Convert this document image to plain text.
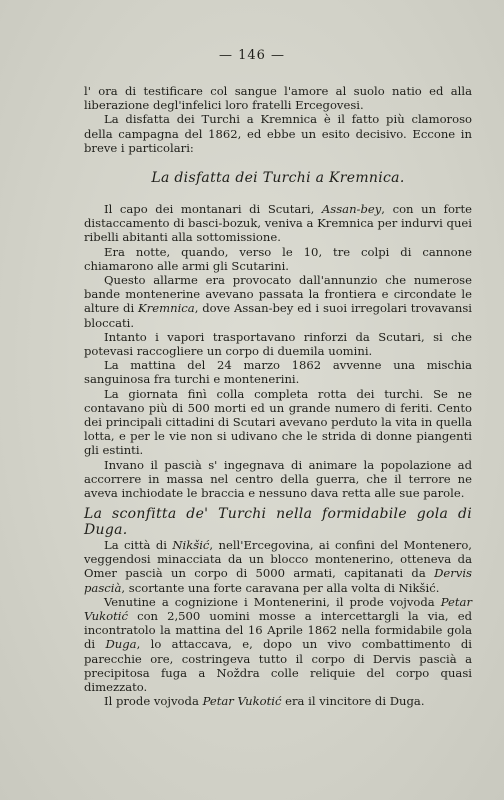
— 146 —

l' ora di testificare col sangue l'amore al suolo natio ed alla liberazione degl'infelici loro fratelli Ercegovesi.

La disfatta dei Turchi a Kremnica è il fatto più clamoroso della campagna del 1862, ed ebbe un esito decisivo. Eccone in breve i particolari:

La disfatta dei Turchi a Kremnica.

Il capo dei montanari di Scutari, Assan-bey, con un forte distaccamento di basci-bozuk, veniva a Kremnica per indurvi quei ribelli abitanti alla sottomissione.

Era notte, quando, verso le 10, tre colpi di cannone chiamarono alle armi gli Scutarini.

Questo allarme era provocato dall'annunzio che numerose bande montenerine avevano passata la frontiera e circondate le alture di Kremnica, dove Assan-bey ed i suoi irregolari trovavansi bloccati.

Intanto i vapori trasportavano rinforzi da Scutari, si che potevasi raccogliere un corpo di duemila uomini.

La mattina del 24 marzo 1862 avvenne una mischia sanguinosa fra turchi e montenerini.

La giornata finì colla completa rotta dei turchi. Se ne contavano più di 500 morti ed un grande numero di feriti. Cento dei principali cittadini di Scutari avevano perduto la vita in quella lotta, e per le vie non si udivano che le strida di donne piangenti gli estinti.

Invano il pascià s' ingegnava di animare la popolazione ad accorrere in massa nel centro della guerra, che il terrore ne aveva inchiodate le braccia e nessuno dava retta alle sue parole.

La sconfitta de' Turchi nella formidabile gola di Duga.

La città di Nikšić, nell'Ercegovina, ai confini del Montenero, veggendosi minacciata da un blocco montenerino, otteneva da Omer pascià un corpo di 5000 armati, capitanati da Dervis pascià, scortante una forte caravana per alla volta di Nikšić.

Venutine a cognizione i Montenerini, il prode vojvoda Petar Vukotić con 2,500 uomini mosse a intercettargli la via, ed incontratolo la mattina del 16 Aprile 1862 nella formidabile gola di Duga, lo attaccava, e, dopo un vivo combattimento di parecchie ore, costringeva tutto il corpo di Dervis pascià a precipitosa fuga a Noždra colle reliquie del corpo quasi dimezzato.

Il prode vojvoda Petar Vukotić era il vincitore di Duga.
